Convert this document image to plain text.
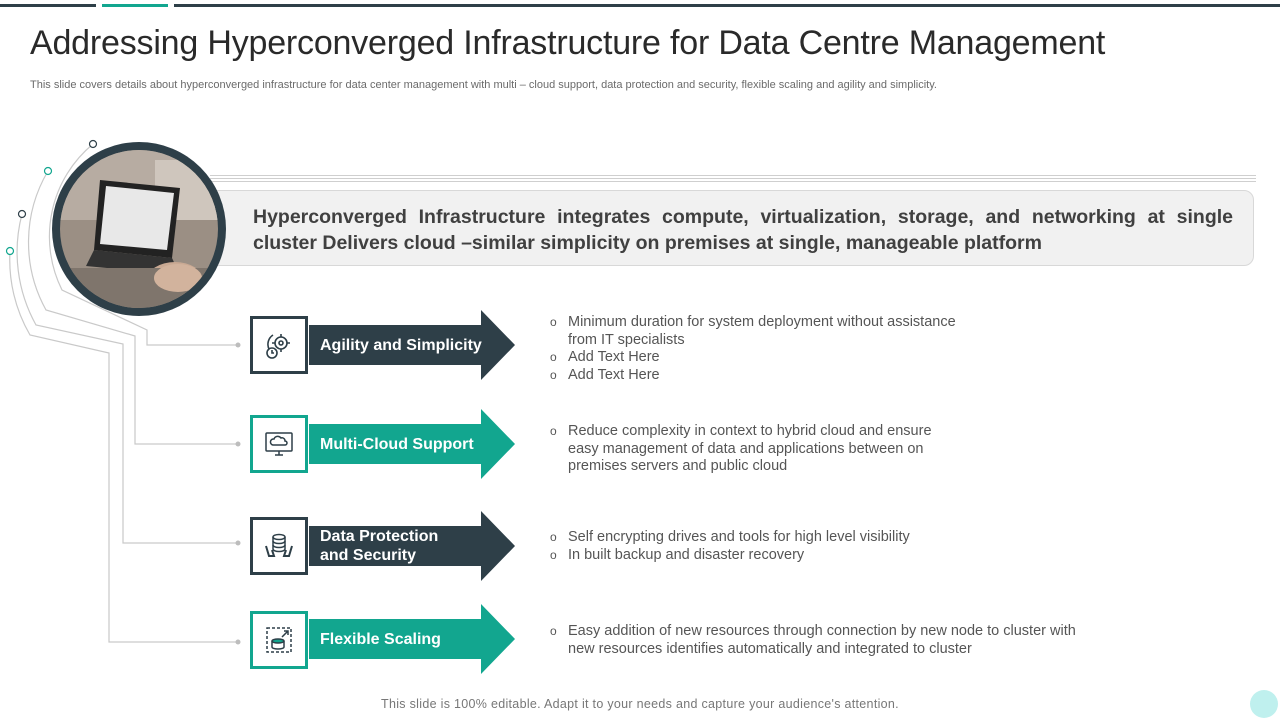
Addressing Hyperconverged Infrastructure for Data Centre Management
This slide covers details about hyperconverged infrastructure for data center management with multi – cloud support, data protection and security, flexible scaling and agility and simplicity.
Hyperconverged Infrastructure integrates compute, virtualization, storage, and networking at single cluster Delivers cloud –similar simplicity on premises at single, manageable platform
Agility and Simplicity
o Minimum duration for system deployment without assistance from IT specialists
o Add Text Here
o Add Text Here
Multi-Cloud Support
o Reduce complexity in context to hybrid cloud and ensure easy management of data and applications between on premises servers and public cloud
Data Protection and Security
o Self encrypting drives and tools for high level visibility
o In built backup and disaster recovery
Flexible Scaling
o	Easy addition of new resources through connection by new node to cluster with new resources identifies automatically and integrated to cluster
This slide is 100% editable. Adapt it to your needs and capture your audience's attention.
